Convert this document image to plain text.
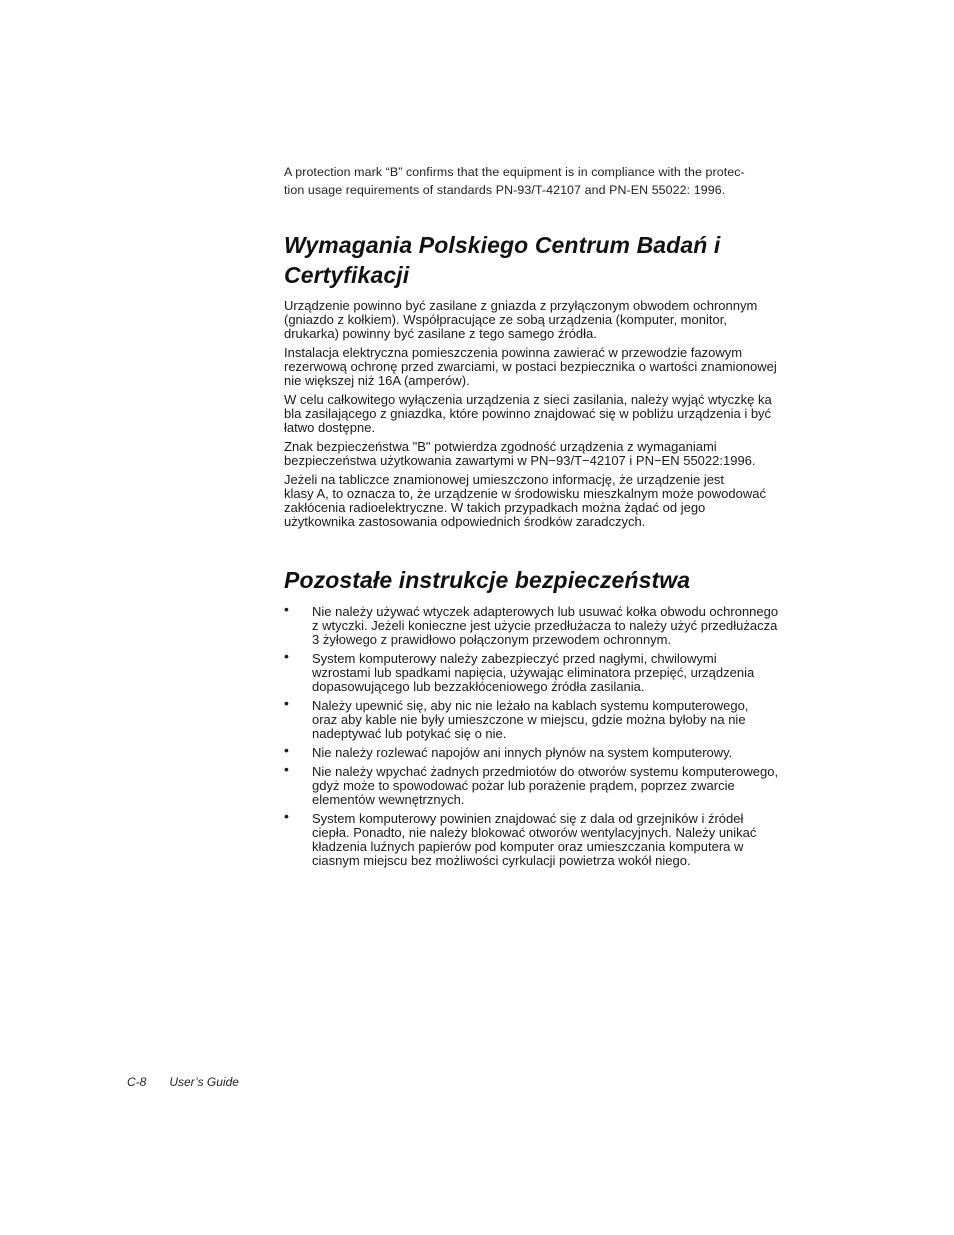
A protection mark “B” confirms that the equipment is in compliance with the protec-
tion usage requirements of standards PN-93/T-42107 and PN-EN 55022: 1996.
Wymagania Polskiego Centrum Badań i
Certyfikacji

Urządzenie powinno być zasilane z gniazda z przyłączonym obwodem ochronnym
(gniazdo z kołkiem). Współpracujące ze sobą urządzenia (komputer, monitor,
drukarka) powinny być zasilane z tego samego źródła.

Instalacja elektryczna pomieszczenia powinna zawierać w przewodzie fazowym
rezerwową ochronę przed zwarciami, w postaci bezpiecznika o wartości znamionowej
nie większej niż 16A (amperów).

W celu całkowitego wyłączenia urządzenia z sieci zasilania, należy wyjąć wtyczkę ka
bla zasilającego z gniazdka, które powinno znajdować się w pobliżu urządzenia i być
łatwo dostępne.

Znak bezpieczeństwa "B" potwierdza zgodność urządzenia z wymaganiami
bezpieczeństwa użytkowania zawartymi w PN−93/T−42107 i PN−EN 55022:1996.

Jeżeli na tabliczce znamionowej umieszczono informację, że urządzenie jest
klasy A, to oznacza to, że urządzenie w środowisku mieszkalnym może powodować
zakłócenia radioelektryczne. W takich przypadkach można żądać od jego
użytkownika zastosowania odpowiednich środków zaradczych.

Pozostałe instrukcje bezpieczeństwa
• Nie należy używać wtyczek adapterowych lub usuwać kołka obwodu ochronnego
z wtyczki. Jeżeli konieczne jest użycie przedłużacza to należy użyć przedłużacza
3 żyłowego z prawidłowo połączonym przewodem ochronnym.
• System komputerowy należy zabezpieczyć przed nagłymi, chwilowymi
wzrostami lub spadkami napięcia, używając eliminatora przepięć, urządzenia
dopasowującego lub bezzakłóceniowego źródła zasilania.
• Należy upewnić się, aby nic nie leżało na kablach systemu komputerowego,
oraz aby kable nie były umieszczone w miejscu, gdzie można byłoby na nie
nadeptywać lub potykać się o nie.
• Nie należy rozlewać napojów ani innych płynów na system komputerowy.
• Nie należy wpychać żadnych przedmiotów do otworów systemu komputerowego,
gdyż może to spowodować pożar lub porażenie prądem, poprzez zwarcie
elementów wewnętrznych.
• System komputerowy powinien znajdować się z dala od grzejników i źródeł
ciepła. Ponadto, nie należy blokować otworów wentylacyjnych. Należy unikać
kładzenia luźnych papierów pod komputer oraz umieszczania komputera w
ciasnym miejscu bez możliwości cyrkulacji powietrza wokół niego.
C-8 User’s Guide
